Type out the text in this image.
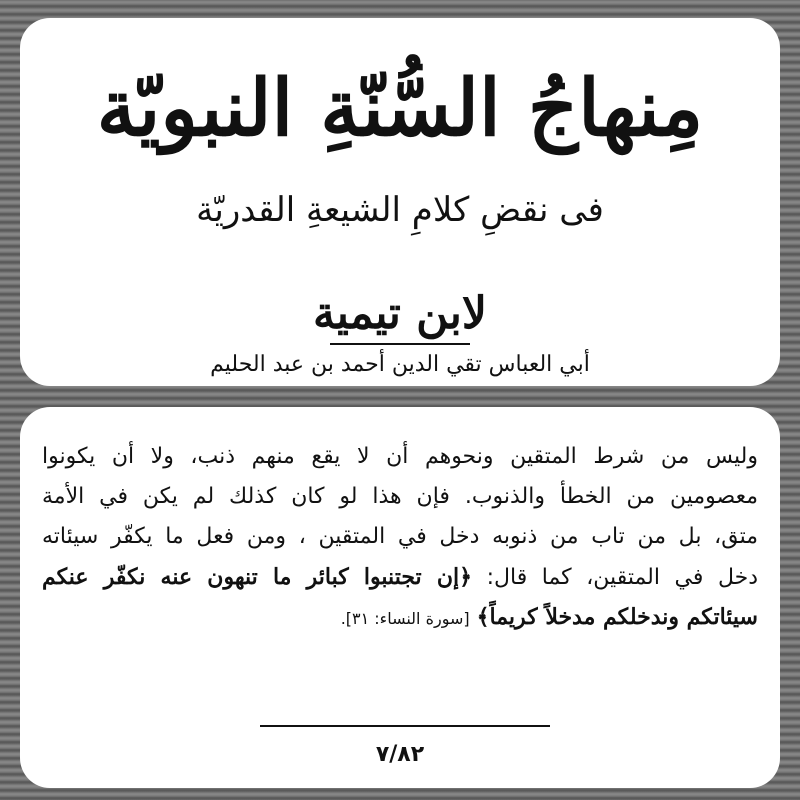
مِنهاجُ السُّنّةِ النبويّة
فى نقضِ كلامِ الشيعةِ القدريّة
لابن تيمية
أبي العباس تقي الدين أحمد بن عبد الحليم
وليس من شرط المتقين ونحوهم أن لا يقع منهم ذنب، ولا أن يكونوا
معصومين من الخطأ والذنوب. فإن هذا لو كان كذلك لم يكن في الأمة
متق، بل من تاب من ذنوبه دخل في المتقين ، ومن فعل ما يكفّر سيئاته
دخل في المتقين، كما قال: ﴿إن تجتنبوا كبائر ما تنهون عنه نكفّر عنكم
سيئاتكم وندخلكم مدخلاً كريماً﴾ [سورة النساء: ٣١].
٧/٨٢
